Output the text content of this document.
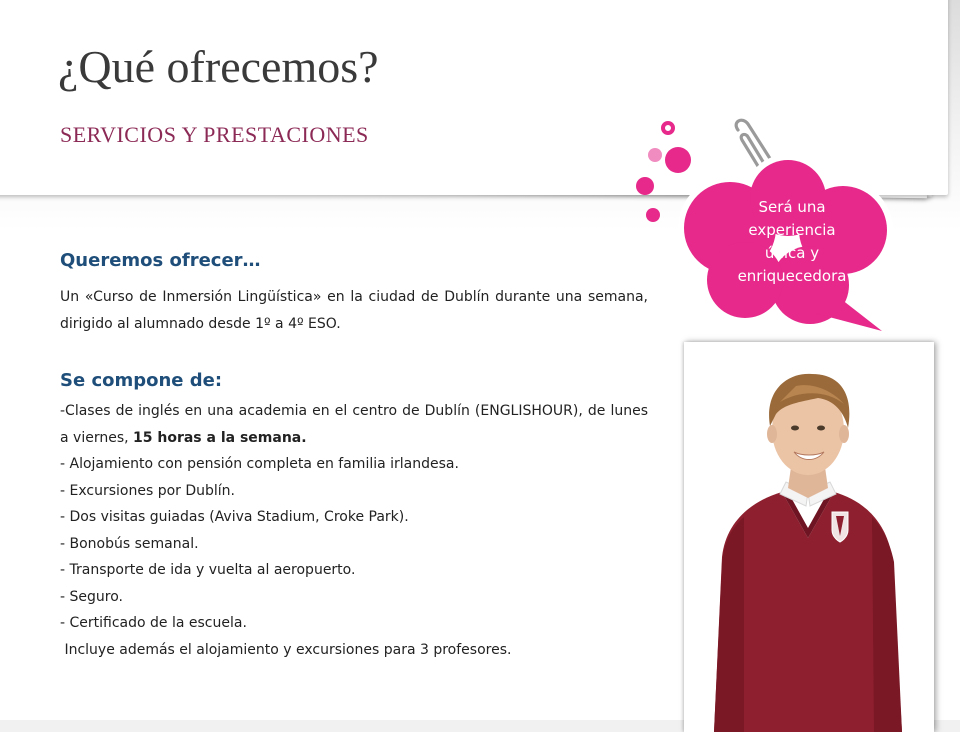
¿Qué ofrecemos?
SERVICIOS Y PRESTACIONES
Queremos ofrecer…
Un «Curso de Inmersión Lingüística» en la ciudad de Dublín durante una semana, dirigido al alumnado desde 1º a 4º ESO.
Se compone de:
-Clases de inglés en una academia en el centro de Dublín (ENGLISHOUR), de lunes a viernes, 15 horas a la semana.
- Alojamiento con pensión completa en familia irlandesa.
- Excursiones por Dublín.
- Dos visitas guiadas (Aviva Stadium, Croke Park).
- Bonobús semanal.
- Transporte de ida y vuelta al aeropuerto.
- Seguro.
- Certificado de la escuela.
Incluye además el alojamiento y excursiones para 3 profesores.
Será una
experiencia
única y
enriquecedora
